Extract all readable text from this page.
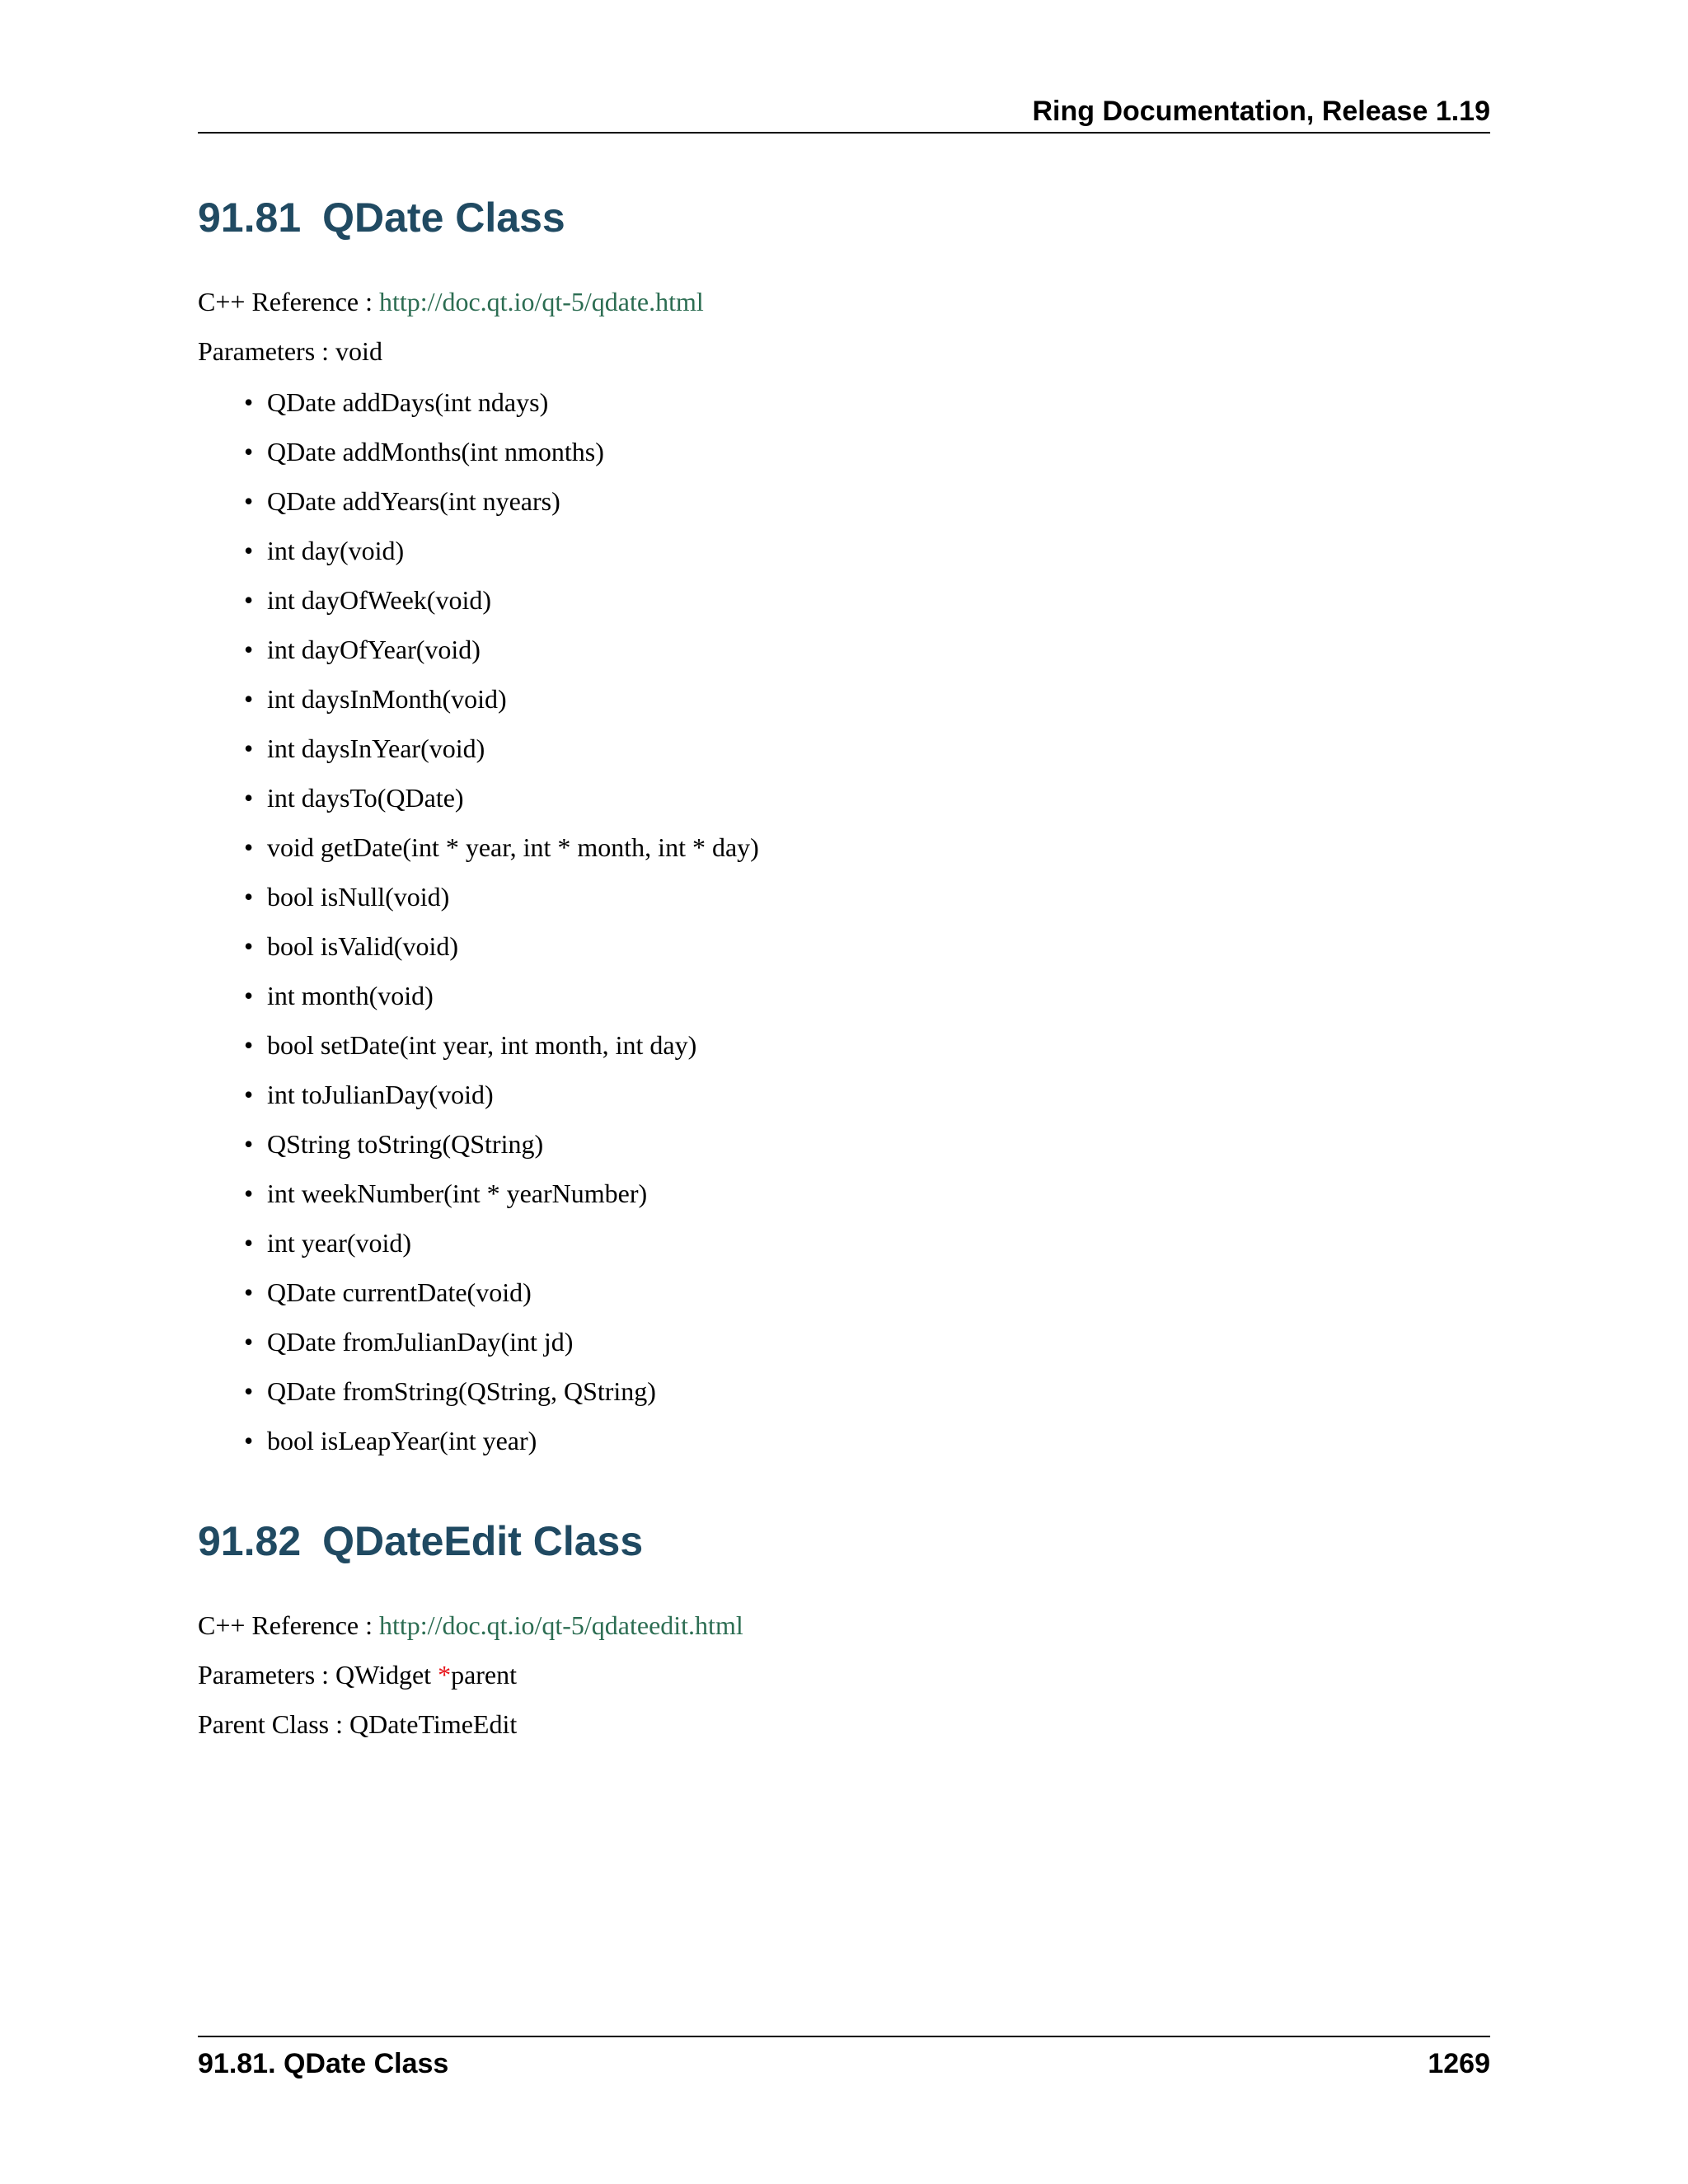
Ring Documentation, Release 1.19
91.81 QDate Class
C++ Reference : http://doc.qt.io/qt-5/qdate.html
Parameters : void
• QDate addDays(int ndays)
• QDate addMonths(int nmonths)
• QDate addYears(int nyears)
• int day(void)
• int dayOfWeek(void)
• int dayOfYear(void)
• int daysInMonth(void)
• int daysInYear(void)
• int daysTo(QDate)
• void getDate(int * year, int * month, int * day)
• bool isNull(void)
• bool isValid(void)
• int month(void)
• bool setDate(int year, int month, int day)
• int toJulianDay(void)
• QString toString(QString)
• int weekNumber(int * yearNumber)
• int year(void)
• QDate currentDate(void)
• QDate fromJulianDay(int jd)
• QDate fromString(QString, QString)
• bool isLeapYear(int year)
91.82 QDateEdit Class
C++ Reference : http://doc.qt.io/qt-5/qdateedit.html
Parameters : QWidget *parent
Parent Class : QDateTimeEdit
91.81. QDate Class	1269
